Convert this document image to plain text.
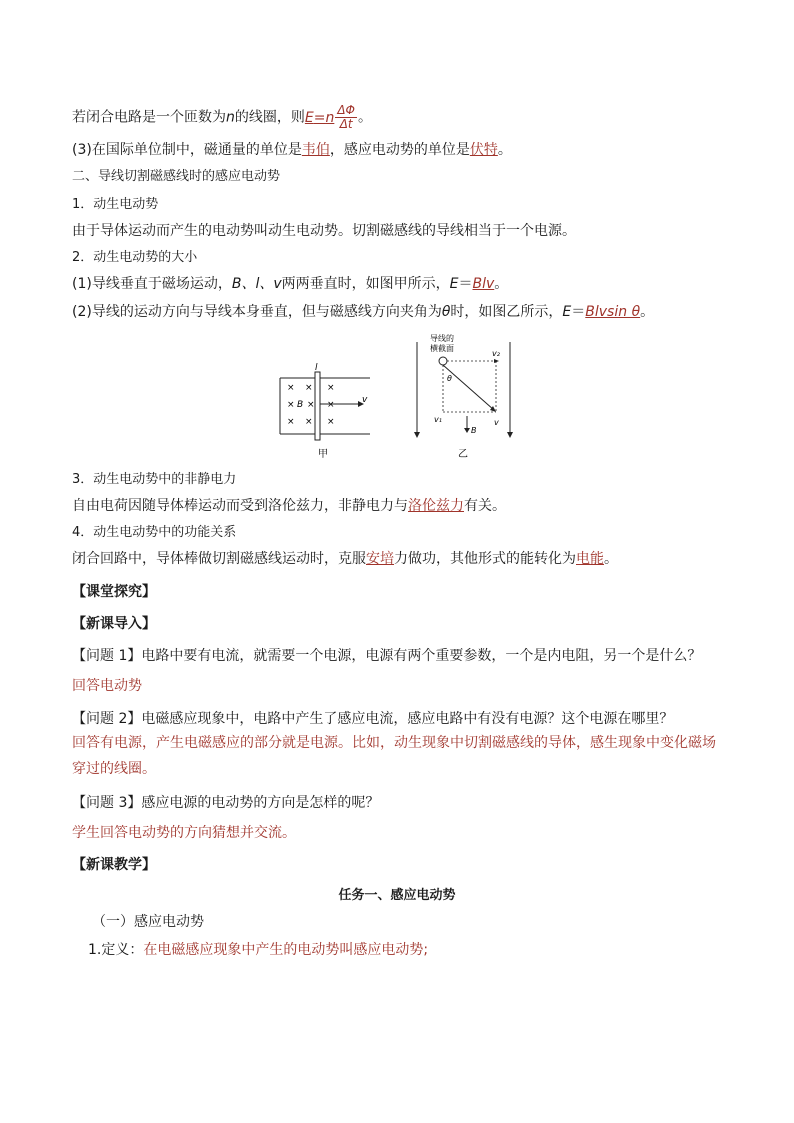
若闭合电路是一个匝数为n的线圈，则$E=n \frac{\Delta\Phi}{\Delta t}$ 。
(3)在国际单位制中，磁通量的单位是韦伯，感应电动势的单位是伏特。
二、导线切割磁感线时的感应电动势
1．动生电动势
由于导体运动而产生的电动势叫动生电动势。切割磁感线的导线相当于一个电源。
2．动生电动势的大小
(1)导线垂直于磁场运动，B、l、v两两垂直时，如图甲所示，E＝Blv。
(2)导线的运动方向与导线本身垂直，但与磁感线方向夹角为θ时，如图乙所示，E＝Blvsin θ。
l
× × ×
× B × ×
× × ×
v
甲
导线的
横截面
v₂
θ
v₁
B
v
乙
3．动生电动势中的非静电力
自由电荷因随导体棒运动而受到洛伦兹力，非静电力与洛伦兹力有关。
4．动生电动势中的功能关系
闭合回路中，导体棒做切割磁感线运动时，克服安培力做功，其他形式的能转化为电能。
【课堂探究】
【新课导入】
【问题 1】电路中要有电流，就需要一个电源，电源有两个重要参数，一个是内电阻，另一个是什么？
回答电动势
【问题 2】电磁感应现象中，电路中产生了感应电流，感应电路中有没有电源？这个电源在哪里？
回答有电源，产生电磁感应的部分就是电源。比如，动生现象中切割磁感线的导体，感生现象中变化磁场
穿过的线圈。
【问题 3】感应电源的电动势的方向是怎样的呢？
学生回答电动势的方向猜想并交流。
【新课教学】
任务一、感应电动势
（一）感应电动势
1.定义：在电磁感应现象中产生的电动势叫感应电动势;
